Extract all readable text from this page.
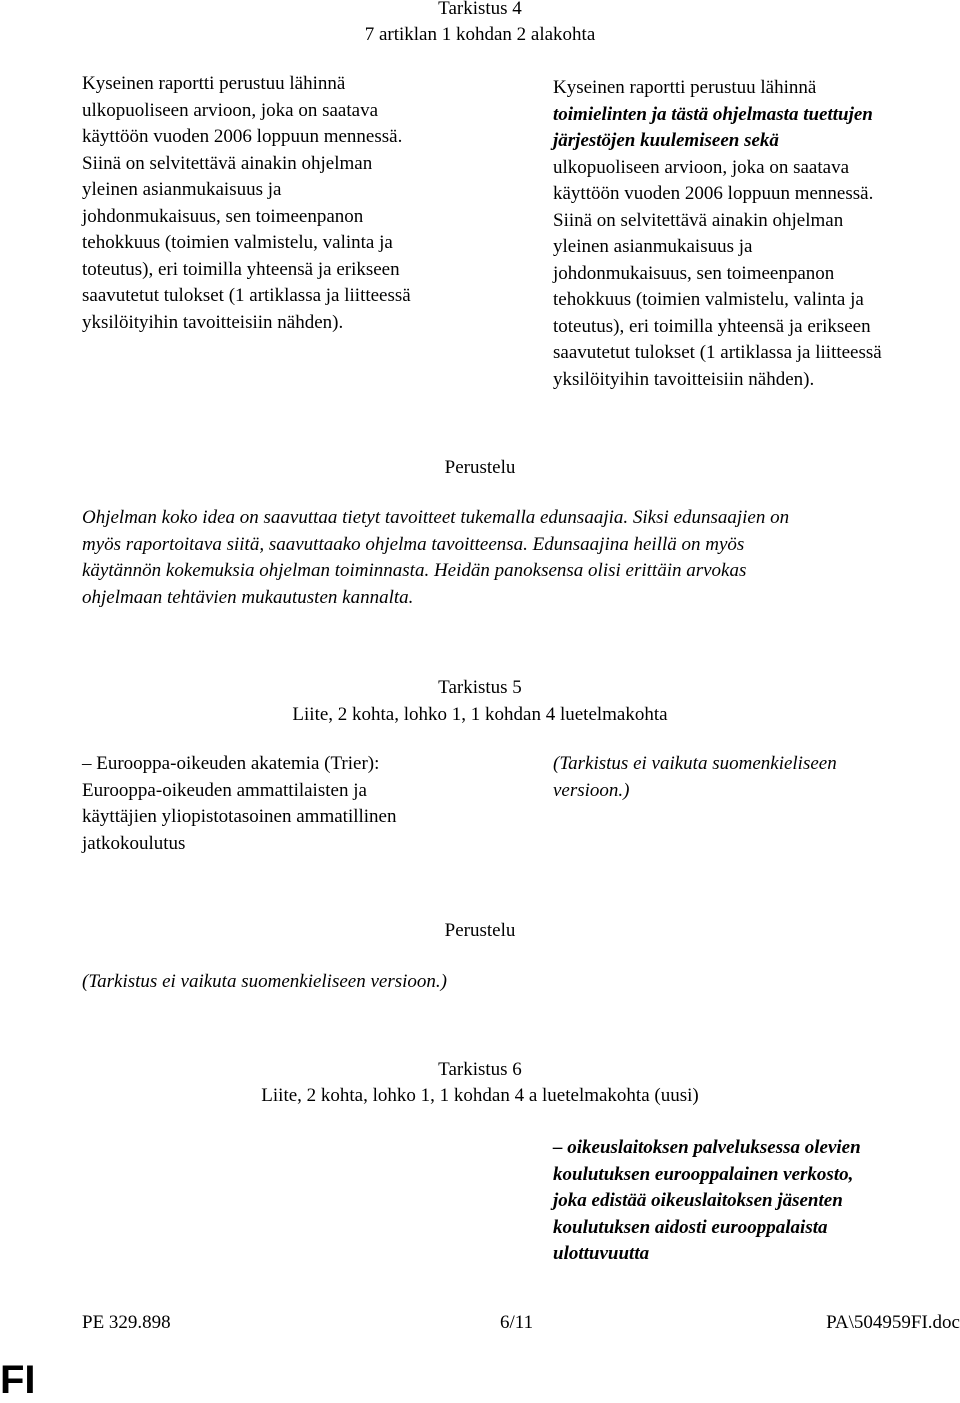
Tarkistus 4
7 artiklan 1 kohdan 2 alakohta
Kyseinen raportti perustuu lähinnä
ulkopuoliseen arvioon, joka on saatava
käyttöön vuoden 2006 loppuun mennessä.
Siinä on selvitettävä ainakin ohjelman
yleinen asianmukaisuus ja
johdonmukaisuus, sen toimeenpanon
tehokkuus (toimien valmistelu, valinta ja
toteutus), eri toimilla yhteensä ja erikseen
saavutetut tulokset (1 artiklassa ja liitteessä
yksilöityihin tavoitteisiin nähden).
Kyseinen raportti perustuu lähinnä
toimielinten ja tästä ohjelmasta tuettujen
järjestöjen kuulemiseen sekä
ulkopuoliseen arvioon, joka on saatava
käyttöön vuoden 2006 loppuun mennessä.
Siinä on selvitettävä ainakin ohjelman
yleinen asianmukaisuus ja
johdonmukaisuus, sen toimeenpanon
tehokkuus (toimien valmistelu, valinta ja
toteutus), eri toimilla yhteensä ja erikseen
saavutetut tulokset (1 artiklassa ja liitteessä
yksilöityihin tavoitteisiin nähden).
Perustelu
Ohjelman koko idea on saavuttaa tietyt tavoitteet tukemalla edunsaajia. Siksi edunsaajien on
myös raportoitava siitä, saavuttaako ohjelma tavoitteensa. Edunsaajina heillä on myös
käytännön kokemuksia ohjelman toiminnasta. Heidän panoksensa olisi erittäin arvokas
ohjelmaan tehtävien mukautusten kannalta.
Tarkistus 5
Liite, 2 kohta, lohko 1, 1 kohdan 4 luetelmakohta
– Eurooppa-oikeuden akatemia (Trier):
Eurooppa-oikeuden ammattilaisten ja
käyttäjien yliopistotasoinen ammatillinen
jatkokoulutus
(Tarkistus ei vaikuta suomenkieliseen
versioon.)
Perustelu
(Tarkistus ei vaikuta suomenkieliseen versioon.)
Tarkistus 6
Liite, 2 kohta, lohko 1, 1 kohdan 4 a luetelmakohta (uusi)
– oikeuslaitoksen palveluksessa olevien
koulutuksen eurooppalainen verkosto,
joka edistää oikeuslaitoksen jäsenten
koulutuksen aidosti eurooppalaista
ulottuvuutta
PE 329.898	6/11	PA\504959FI.doc
FI
